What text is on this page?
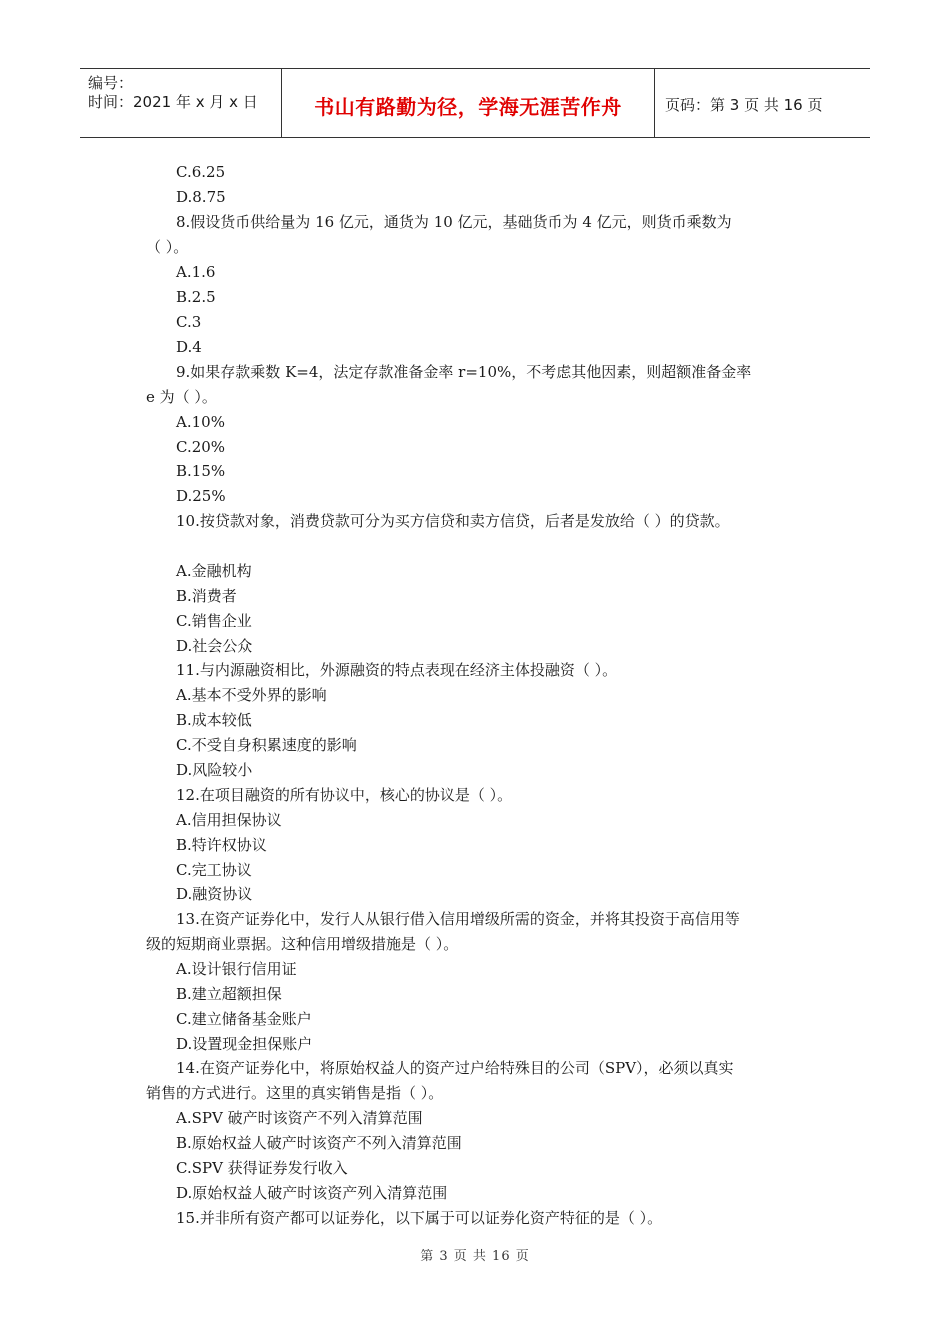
编号：
时间：2021 年 x 月 x 日	书山有路勤为径，学海无涯苦作舟	页码：第 3 页 共 16 页
C.6.25
D.8.75
8.假设货币供给量为 16 亿元，通货为 10 亿元，基础货币为 4 亿元，则货币乘数为
（ ）。
A.1.6
B.2.5
C.3
D.4
9.如果存款乘数 K=4，法定存款准备金率 r=10%，不考虑其他因素，则超额准备金率
e 为（ ）。
A.10%
C.20%
B.15%
D.25%
10.按贷款对象，消费贷款可分为买方信贷和卖方信贷，后者是发放给（ ）的贷款。
A.金融机构
B.消费者
C.销售企业
D.社会公众
11.与内源融资相比，外源融资的特点表现在经济主体投融资（ ）。
A.基本不受外界的影响
B.成本较低
C.不受自身积累速度的影响
D.风险较小
12.在项目融资的所有协议中，核心的协议是（ ）。
A.信用担保协议
B.特许权协议
C.完工协议
D.融资协议
13.在资产证券化中，发行人从银行借入信用增级所需的资金，并将其投资于高信用等
级的短期商业票据。这种信用增级措施是（ ）。
A.设计银行信用证
B.建立超额担保
C.建立储备基金账户
D.设置现金担保账户
14.在资产证券化中，将原始权益人的资产过户给特殊目的公司（SPV），必须以真实
销售的方式进行。这里的真实销售是指（ ）。
A.SPV 破产时该资产不列入清算范围
B.原始权益人破产时该资产不列入清算范围
C.SPV 获得证券发行收入
D.原始权益人破产时该资产列入清算范围
15.并非所有资产都可以证券化，以下属于可以证券化资产特征的是（ ）。
第 3 页 共 16 页
